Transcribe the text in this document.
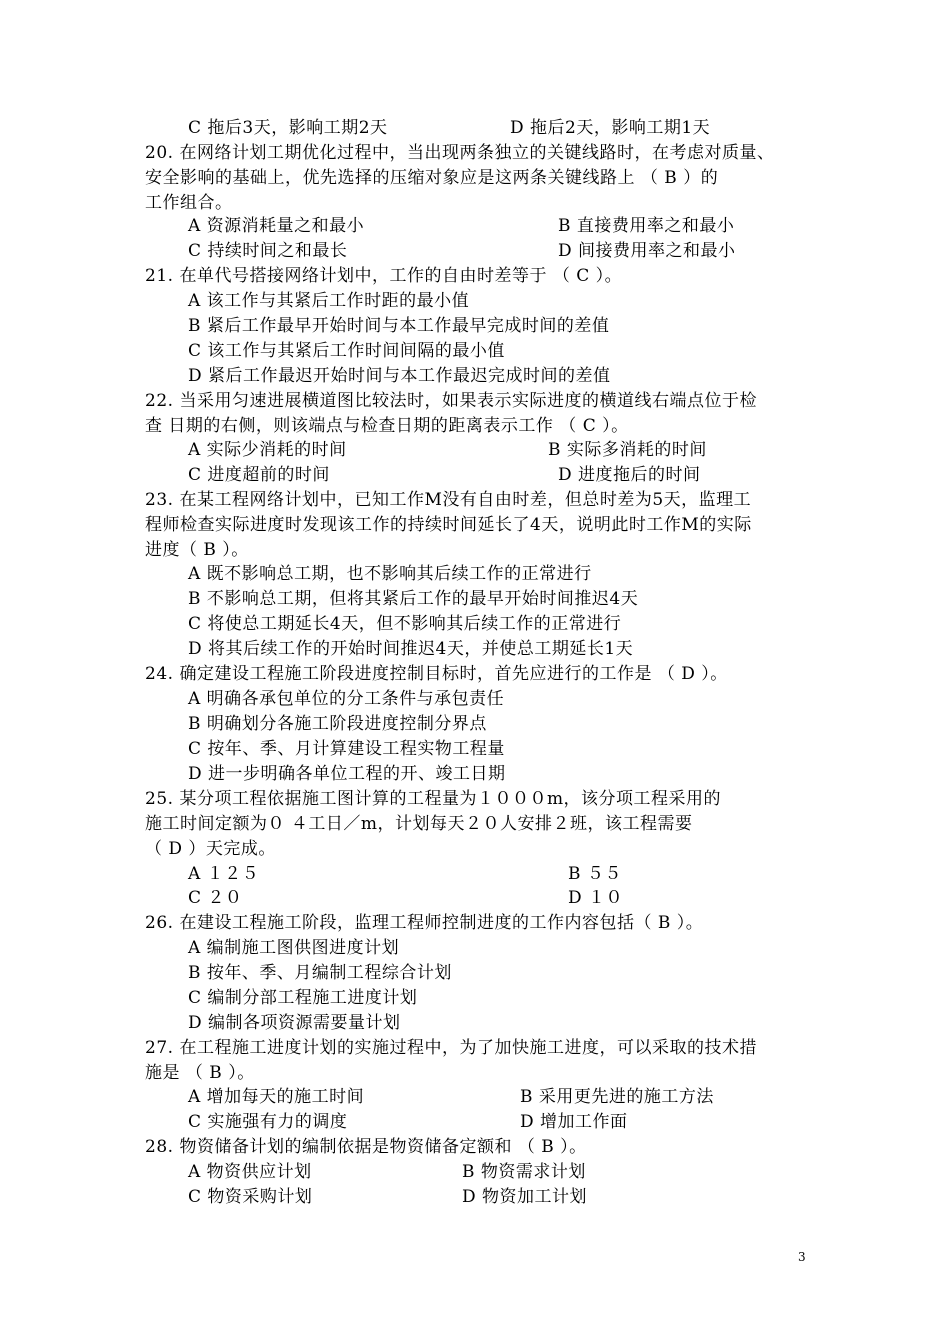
3
C 拖后3天，影响工期2天	D 拖后2天，影响工期1天
20. 在网络计划工期优化过程中，当出现两条独立的关键线路时，在考虑对质量、
安全影响的基础上，优先选择的压缩对象应是这两条关键线路上 （ B ）的
工作组合。
A 资源消耗量之和最小	B 直接费用率之和最小
C 持续时间之和最长	D 间接费用率之和最小
21. 在单代号搭接网络计划中，工作的自由时差等于 （ C ）。
A 该工作与其紧后工作时距的最小值
B 紧后工作最早开始时间与本工作最早完成时间的差值
C 该工作与其紧后工作时间间隔的最小值
D 紧后工作最迟开始时间与本工作最迟完成时间的差值
22. 当采用匀速进展横道图比较法时，如果表示实际进度的横道线右端点位于检
查 日期的右侧，则该端点与检查日期的距离表示工作 （ C ）。
A 实际少消耗的时间	B 实际多消耗的时间
C 进度超前的时间	D 进度拖后的时间
23. 在某工程网络计划中，已知工作M没有自由时差，但总时差为5天，监理工
程师检查实际进度时发现该工作的持续时间延长了4天，说明此时工作M的实际
进度（ B ）。
A 既不影响总工期，也不影响其后续工作的正常进行
B 不影响总工期，但将其紧后工作的最早开始时间推迟4天
C 将使总工期延长4天，但不影响其后续工作的正常进行
D 将其后续工作的开始时间推迟4天，并使总工期延长1天
24. 确定建设工程施工阶段进度控制目标时，首先应进行的工作是 （ D ）。
A 明确各承包单位的分工条件与承包责任
B 明确划分各施工阶段进度控制分界点
C 按年、季、月计算建设工程实物工程量
D 进一步明确各单位工程的开、竣工日期
25. 某分项工程依据施工图计算的工程量为１０００m，该分项工程采用的
施工时间定额为０ ４工日／m，计划每天２０人安排２班，该工程需要
（ D ）天完成。
A １２５	B ５５
C ２０	D １０
26. 在建设工程施工阶段，监理工程师控制进度的工作内容包括（ B ）。
A 编制施工图供图进度计划
B 按年、季、月编制工程综合计划
C 编制分部工程施工进度计划
D 编制各项资源需要量计划
27. 在工程施工进度计划的实施过程中，为了加快施工进度，可以采取的技术措
施是 （ B ）。
A 增加每天的施工时间	B 采用更先进的施工方法
C 实施强有力的调度	D 增加工作面
28. 物资储备计划的编制依据是物资储备定额和 （ B ）。
A 物资供应计划	B 物资需求计划
C 物资采购计划	D 物资加工计划
